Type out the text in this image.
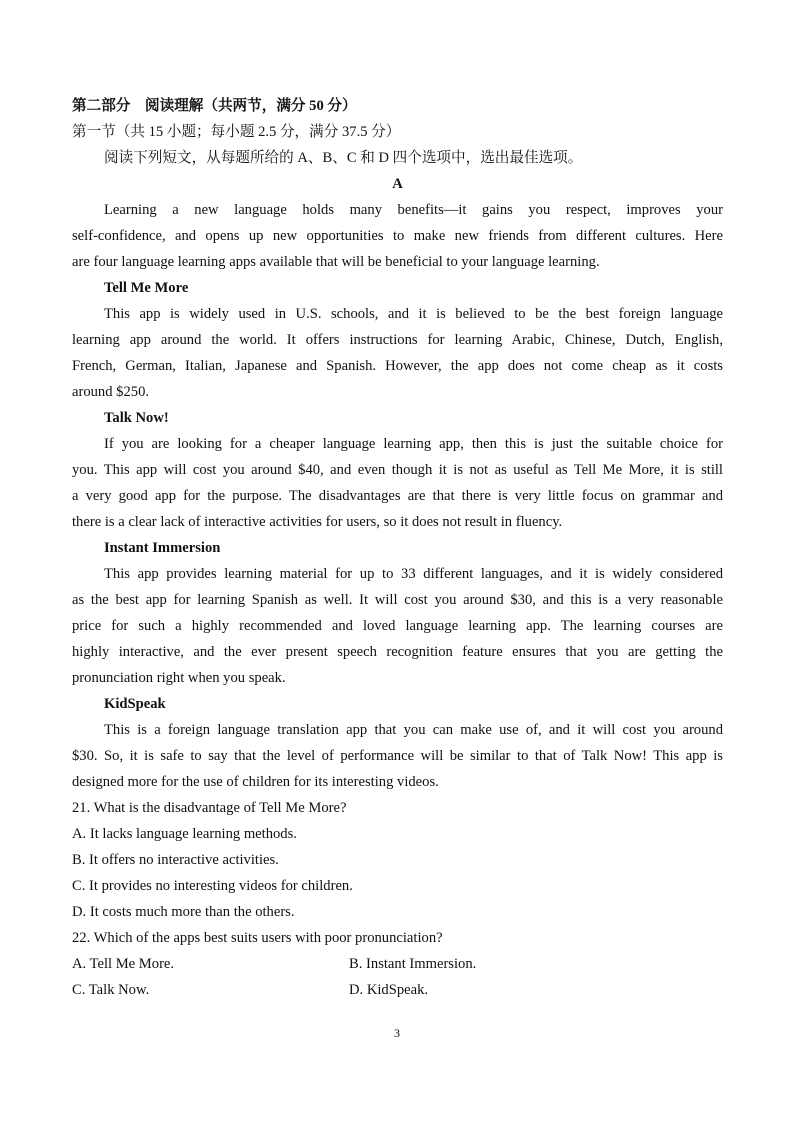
第二部分　阅读理解（共两节，满分 50 分）
第一节（共 15 小题；每小题 2.5 分，满分 37.5 分）
阅读下列短文，从每题所给的 A、B、C 和 D 四个选项中，选出最佳选项。
A
Learning a new language holds many benefits—it gains you respect, improves your
self-confidence, and opens up new opportunities to make new friends from different cultures. Here
are four language learning apps available that will be beneficial to your language learning.
Tell Me More
This app is widely used in U.S. schools, and it is believed to be the best foreign language
learning app around the world. It offers instructions for learning Arabic, Chinese, Dutch, English,
French, German, Italian, Japanese and Spanish. However, the app does not come cheap as it costs
around $250.
Talk Now!
If you are looking for a cheaper language learning app, then this is just the suitable choice for
you. This app will cost you around $40, and even though it is not as useful as Tell Me More, it is still
a very good app for the purpose. The disadvantages are that there is very little focus on grammar and
there is a clear lack of interactive activities for users, so it does not result in fluency.
Instant Immersion
This app provides learning material for up to 33 different languages, and it is widely considered
as the best app for learning Spanish as well. It will cost you around $30, and this is a very reasonable
price for such a highly recommended and loved language learning app. The learning courses are
highly interactive, and the ever present speech recognition feature ensures that you are getting the
pronunciation right when you speak.
KidSpeak
This is a foreign language translation app that you can make use of, and it will cost you around
$30. So, it is safe to say that the level of performance will be similar to that of Talk Now! This app is
designed more for the use of children for its interesting videos.
21. What is the disadvantage of Tell Me More?
A. It lacks language learning methods.
B. It offers no interactive activities.
C. It provides no interesting videos for children.
D. It costs much more than the others.
22. Which of the apps best suits users with poor pronunciation?
A. Tell Me More.	B. Instant Immersion.
C. Talk Now.	D. KidSpeak.
3
